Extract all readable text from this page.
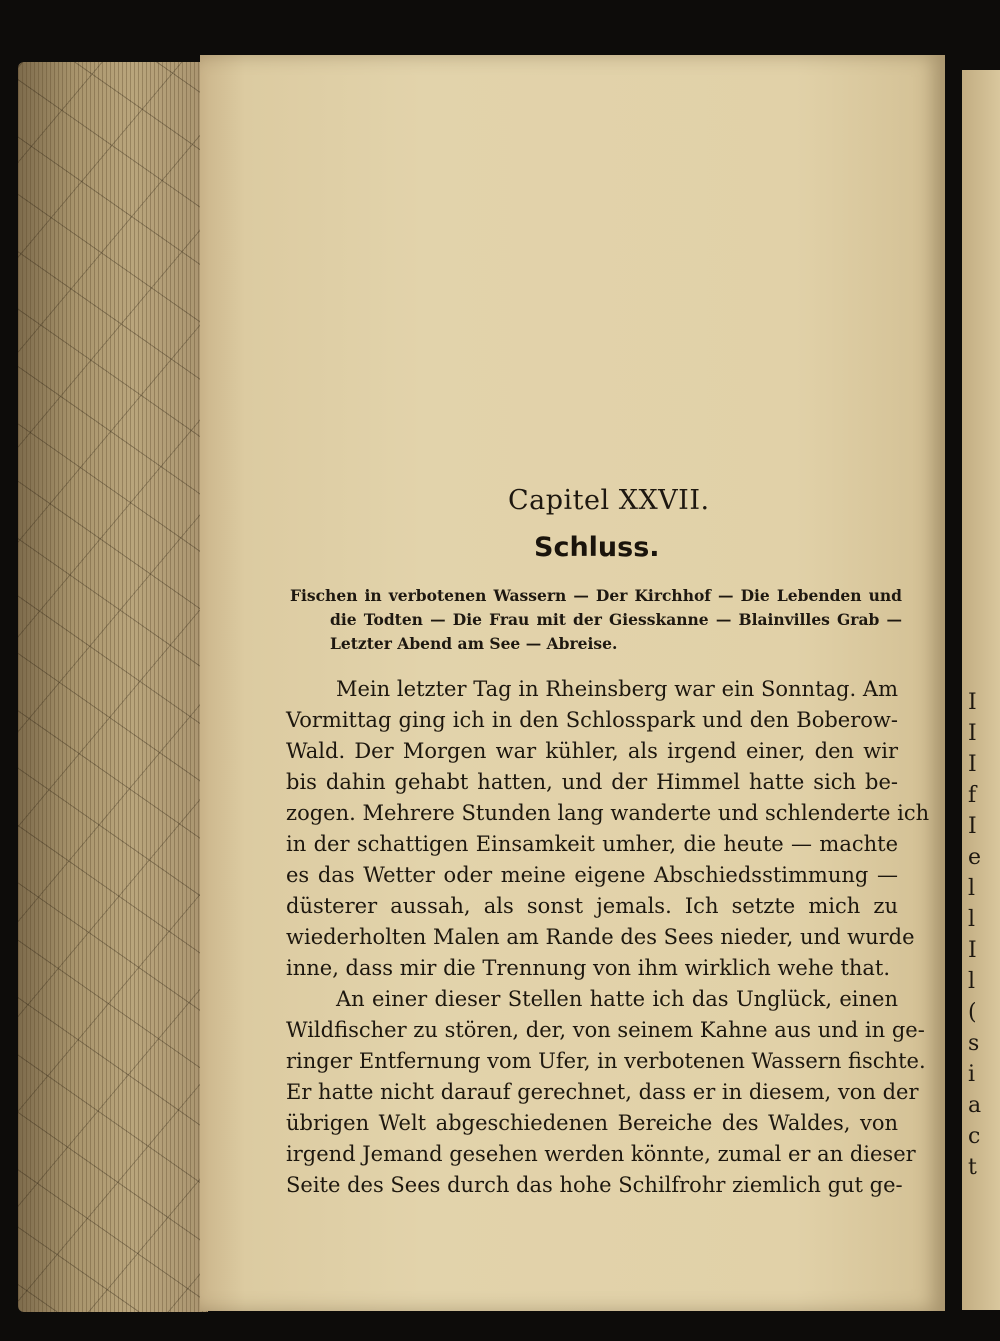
I
I
I
f
I
e
l
l
I
l
(
s
i
a
c
t
Capitel XXVII.
Schluss.
Fischen in verbotenen Wassern — Der Kirchhof — Die Lebenden und
die Todten — Die Frau mit der Giesskanne — Blainvilles Grab —
Letzter Abend am See — Abreise.
Mein letzter Tag in Rheinsberg war ein Sonntag. Am
Vormittag ging ich in den Schlosspark und den Boberow-
Wald. Der Morgen war kühler, als irgend einer, den wir
bis dahin gehabt hatten, und der Himmel hatte sich be-
zogen. Mehrere Stunden lang wanderte und schlenderte ich
in der schattigen Einsamkeit umher, die heute — machte
es das Wetter oder meine eigene Abschiedsstimmung —
düsterer aussah, als sonst jemals. Ich setzte mich zu
wiederholten Malen am Rande des Sees nieder, und wurde
inne, dass mir die Trennung von ihm wirklich wehe that.
An einer dieser Stellen hatte ich das Unglück, einen
Wildfischer zu stören, der, von seinem Kahne aus und in ge-
ringer Entfernung vom Ufer, in verbotenen Wassern fischte.
Er hatte nicht darauf gerechnet, dass er in diesem, von der
übrigen Welt abgeschiedenen Bereiche des Waldes, von
irgend Jemand gesehen werden könnte, zumal er an dieser
Seite des Sees durch das hohe Schilfrohr ziemlich gut ge-
